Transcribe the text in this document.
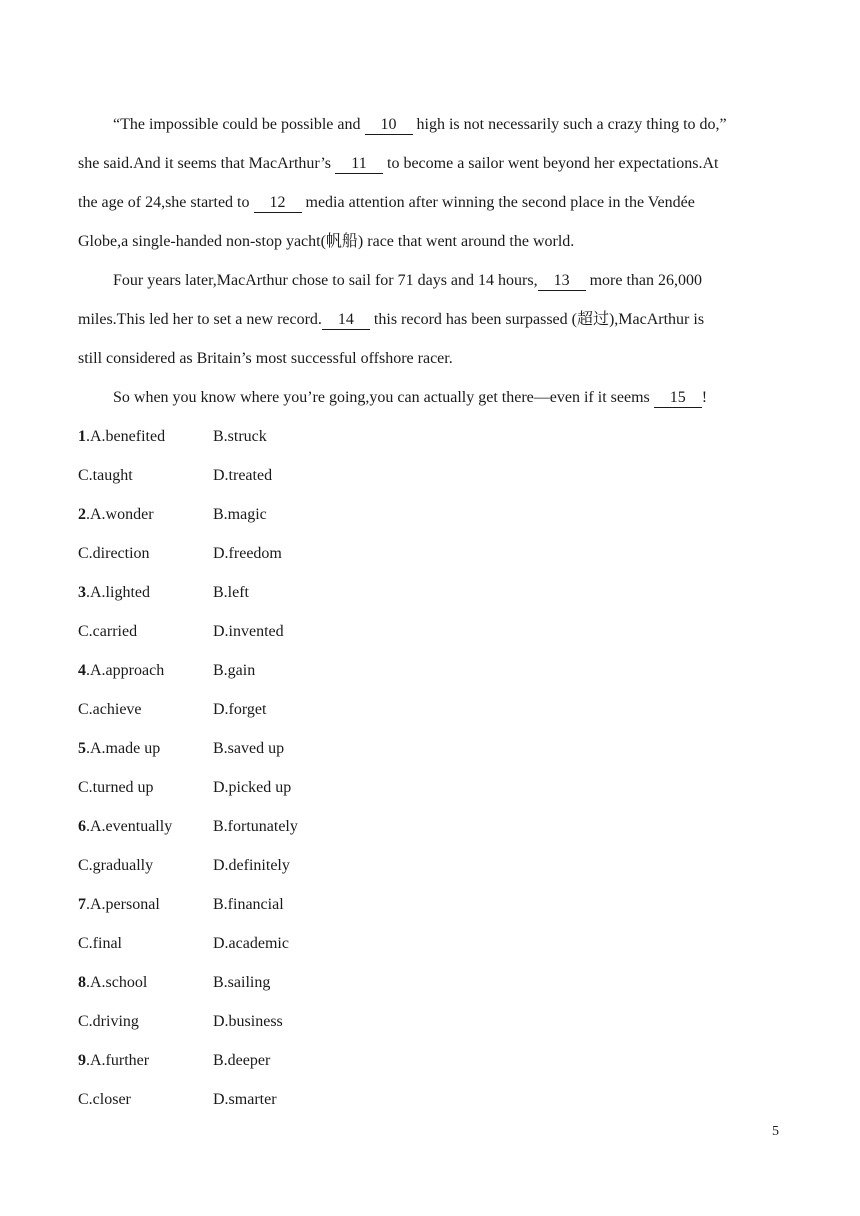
“The impossible could be possible and 10 high is not necessarily such a crazy thing to do,”
she said.And it seems that MacArthur’s 11 to become a sailor went beyond her expectations.At
the age of 24,she started to 12 media attention after winning the second place in the Vendée
Globe,a single-handed non-stop yacht(帆船) race that went around the world.
Four years later,MacArthur chose to sail for 71 days and 14 hours, 13 more than 26,000
miles.This led her to set a new record. 14 this record has been surpassed (超过),MacArthur is
still considered as Britain’s most successful offshore racer.
So when you know where you’re going,you can actually get there—even if it seems 15 !
1.A.benefited	B.struck
C.taught	D.treated
2.A.wonder	B.magic
C.direction	D.freedom
3.A.lighted	B.left
C.carried	D.invented
4.A.approach	B.gain
C.achieve	D.forget
5.A.made up	B.saved up
C.turned up	D.picked up
6.A.eventually	B.fortunately
C.gradually	D.definitely
7.A.personal	B.financial
C.final	D.academic
8.A.school	B.sailing
C.driving	D.business
9.A.further	B.deeper
C.closer	D.smarter
5
